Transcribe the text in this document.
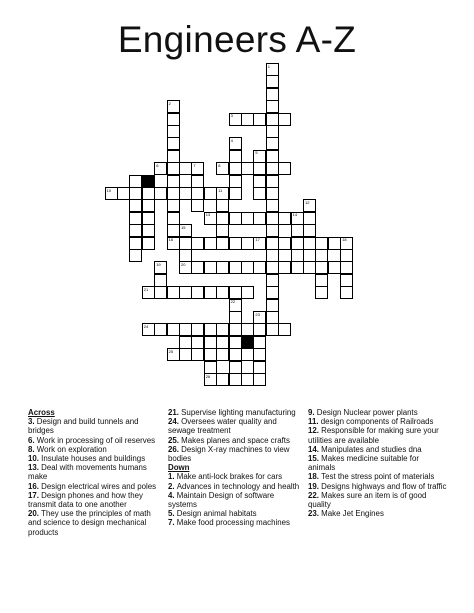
Engineers A-Z
1
2
16
3
4
5
6	7	8
10	11
12
13	14
15
17	18
19	20
21
22
23
24
25
26

Across

3. Design and build tunnels and bridges

6. Work in processing of oil reserves

8. Work on exploration

10. Insulate houses and buildings

13. Deal with movements humans make

16. Design electrical wires and poles

17. Design phones and how they transmit data to one another

20. They use the principles of math and science to design mechanical products

21. Supervise lighting manufacturing

24. Oversees water quality and sewage treatment

25. Makes planes and space crafts

26. Design X-ray machines to view bodies

Down

1. Make anti-lock brakes for cars

2. Advances in technology and health

4. Maintain Design of software systems

5. Design animal habitats

7. Make food processing machines

9. Design Nuclear power plants

11. design components of Railroads

12. Responsible for making sure your utilities are available

14. Manipulates and studies dna

15. Makes medicine suitable for animals

18. Test the stress point of materials

19. Designs highways and flow of traffic

22. Makes sure an item is of good quality

23. Make Jet Engines
